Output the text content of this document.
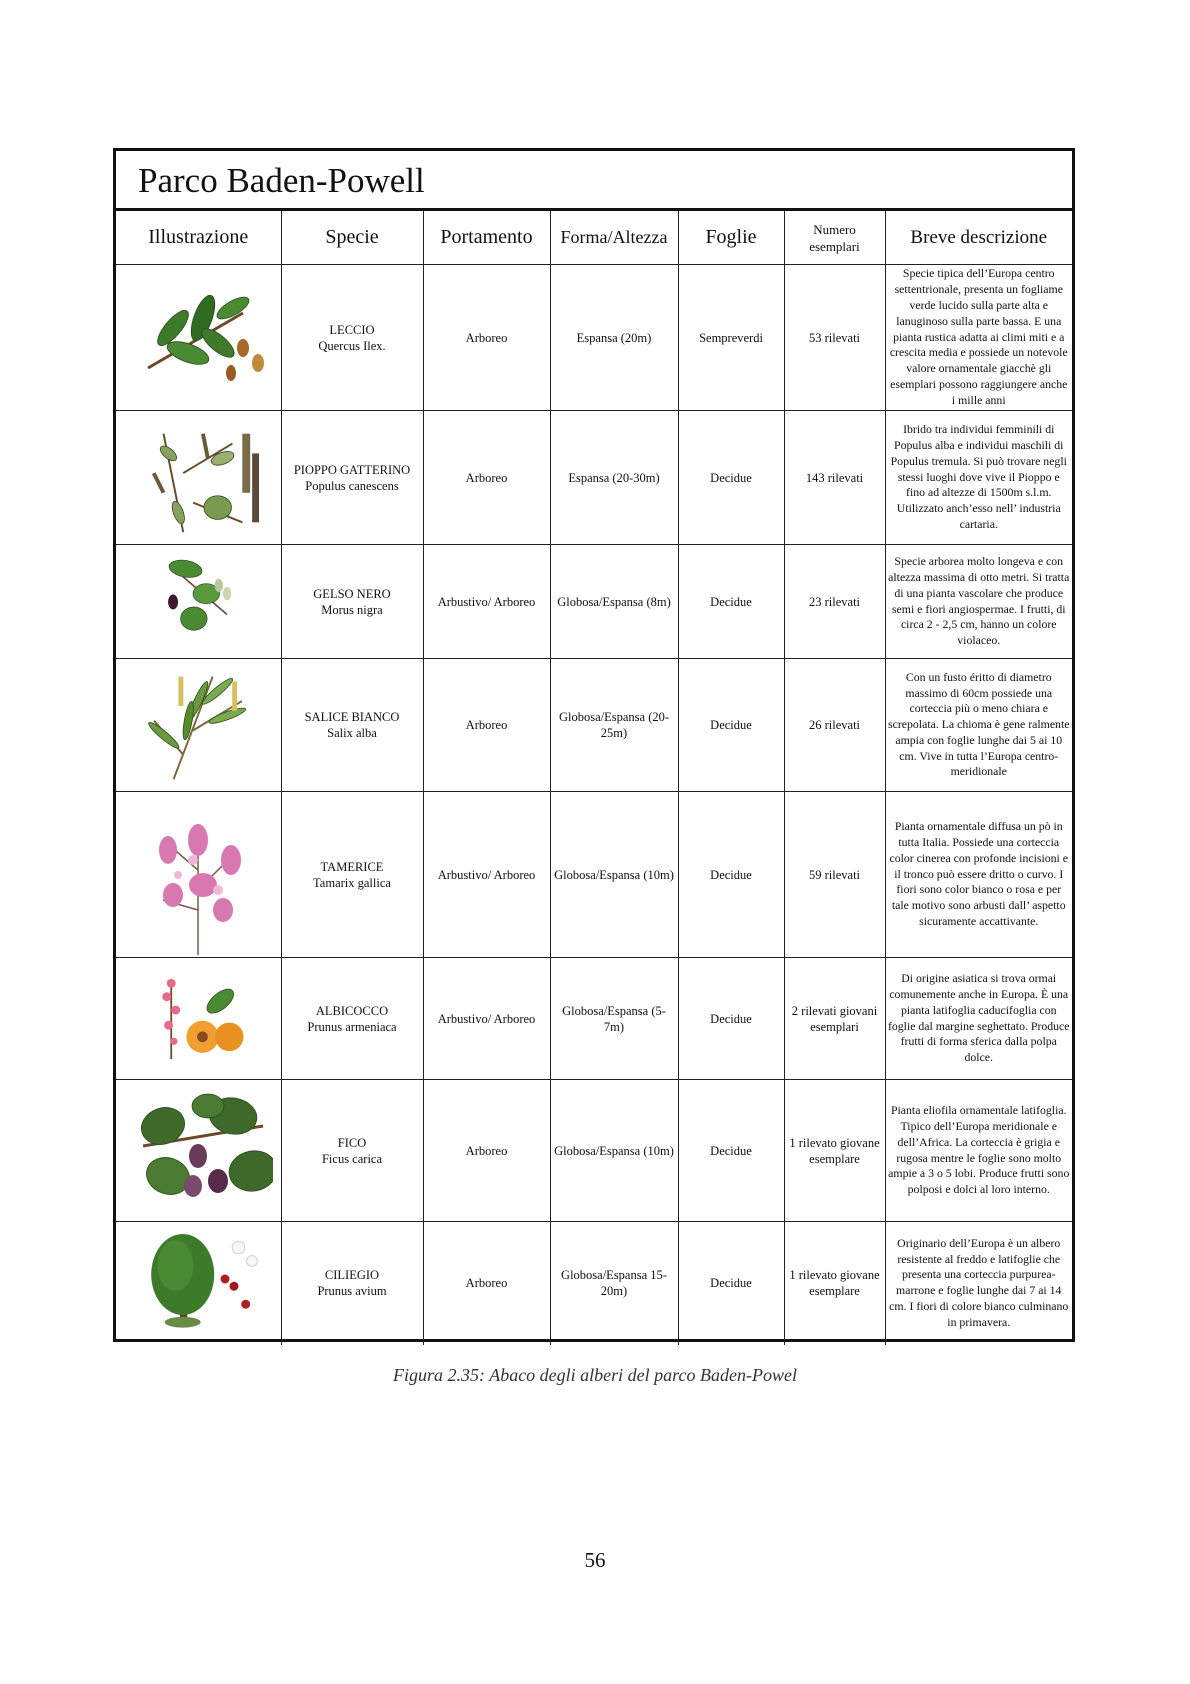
Parco Baden-Powell
Illustrazione	Specie	Portamento	Forma/Altezza	Foglie	Numero esemplari	Breve descrizione

LECCIO
Quercus Ilex.	Arboreo	Espansa (20m)	Sempreverdi	53 rilevati	Specie tipica dell’Europa centro settentrionale, presenta un fogliame verde lucido sulla parte alta e lanuginoso sulla parte bassa. E una pianta rustica adatta ai climi miti e a crescita media e possiede un notevole valore ornamentale giacchè gli esemplari possono raggiungere anche i mille anni

PIOPPO GATTERINO
Populus canescens	Arboreo	Espansa (20-30m)	Decidue	143 rilevati	Ibrido tra individui femminili di Populus alba e individui maschili di Populus tremula. Si può trovare negli stessi luoghi dove vive il Pioppo e fino ad altezze di 1500m s.l.m. Utilizzato anch’esso nell’ industria cartaria.

GELSO NERO
Morus nigra	Arbustivo/ Arboreo	Globosa/Espansa (8m)	Decidue	23 rilevati	Specie arborea molto longeva e con altezza massima di otto metri. Si tratta di una pianta vascolare che produce semi e fiori angiospermae. I frutti, di circa 2 - 2,5 cm, hanno un colore violaceo.

SALICE BIANCO
Salix alba	Arboreo	Globosa/Espansa (20-25m)	Decidue	26 rilevati	Con un fusto éritto di diametro massimo di 60cm possiede una corteccia più o meno chiara e screpolata. La chioma è gene ralmente ampia con foglie lunghe dai 5 ai 10 cm. Vive in tutta l’Europa centro-meridionale

TAMERICE
Tamarix gallica	Arbustivo/ Arboreo	Globosa/Espansa (10m)	Decidue	59 rilevati	Pianta ornamentale diffusa un pò in tutta Italia. Possiede una corteccia color cinerea con profonde incisioni e il tronco può essere dritto o curvo. I fiori sono color bianco o rosa e per tale motivo sono arbusti dall’ aspetto sicuramente accattivante.

ALBICOCCO
Prunus armeniaca	Arbustivo/ Arboreo	Globosa/Espansa (5-7m)	Decidue	2 rilevati giovani esemplari	Di origine asiatica si trova ormai comunemente anche in Europa. È una pianta latifoglia caducifoglia con foglie dal margine seghettato. Produce frutti di forma sferica dalla polpa dolce.

FICO
Ficus carica	Arboreo	Globosa/Espansa (10m)	Decidue	1 rilevato giovane esemplare	Pianta eliofila ornamentale latifoglia. Tipico dell’Europa meridionale e dell’Africa. La corteccia è grigia e rugosa mentre le foglie sono molto ampie a 3 o 5 lobi. Produce frutti sono polposi e dolci al loro interno.

CILIEGIO
Prunus avium	Arboreo	Globosa/Espansa 15-20m)	Decidue	1 rilevato giovane esemplare	Originario dell’Europa è un albero resistente al freddo e latifoglie che presenta una corteccia purpurea-marrone e foglie lunghe dai 7 ai 14 cm. I fiori di colore bianco culminano in primavera.
Figura 2.35: Abaco degli alberi del parco Baden-Powel
56
